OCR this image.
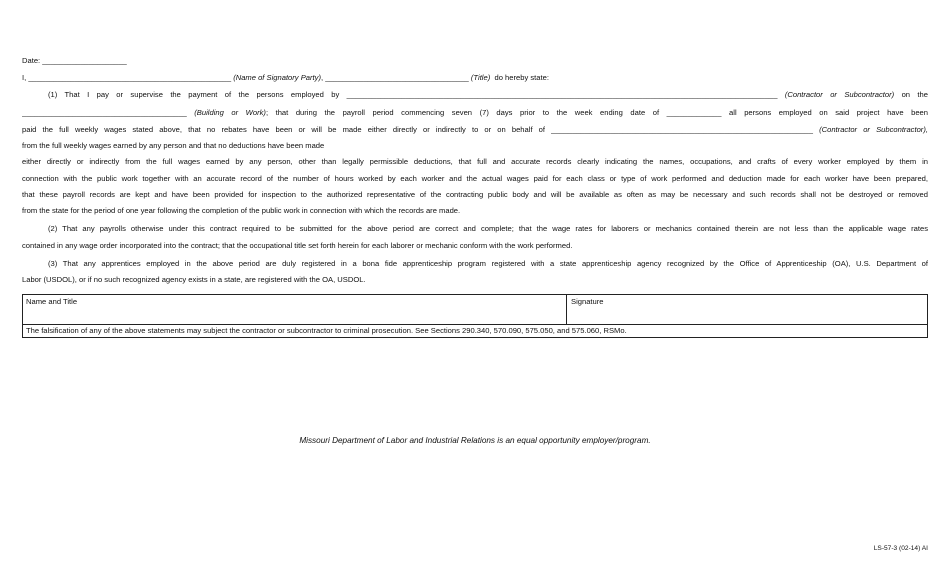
Date: ____________________
I, ________________________________________________ (Name of Signatory Party), __________________________________ (Title) do hereby state:
(1) That I pay or supervise the payment of the persons employed by ______________________________________________________________________________________________________ (Contractor or Subcontractor) on the
_______________________________________ (Building or Work); that during the payroll period commencing seven (7) days prior to the week ending date of _____________ all persons employed on said project have been
paid the full weekly wages stated above, that no rebates have been or will be made either directly or indirectly to or on behalf of ______________________________________________________________ (Contractor or Subcontractor),
from the full weekly wages earned by any person and that no deductions have been made
either directly or indirectly from the full wages earned by any person, other than legally permissible deductions, that full and accurate records clearly indicating the names, occupations, and crafts of every worker employed by them in
connection with the public work together with an accurate record of the number of hours worked by each worker and the actual wages paid for each class or type of work performed and deduction made for each worker have been prepared,
that these payroll records are kept and have been provided for inspection to the authorized representative of the contracting public body and will be available as often as may be necessary and such records shall not be destroyed or removed
from the state for the period of one year following the completion of the public work in connection with which the records are made.
(2) That any payrolls otherwise under this contract required to be submitted for the above period are correct and complete; that the wage rates for laborers or mechanics contained therein are not less than the applicable wage rates
contained in any wage order incorporated into the contract; that the occupational title set forth herein for each laborer or mechanic conform with the work performed.
(3) That any apprentices employed in the above period are duly registered in a bona fide apprenticeship program registered with a state apprenticeship agency recognized by the Office of Apprenticeship (OA), U.S. Department of
Labor (USDOL), or if no such recognized agency exists in a state, are registered with the OA, USDOL.
Name and Title	Signature
The falsification of any of the above statements may subject the contractor or subcontractor to criminal prosecution. See Sections 290.340, 570.090, 575.050, and 575.060, RSMo.
Missouri Department of Labor and Industrial Relations is an equal opportunity employer/program.
LS-57-3 (02-14) AI
